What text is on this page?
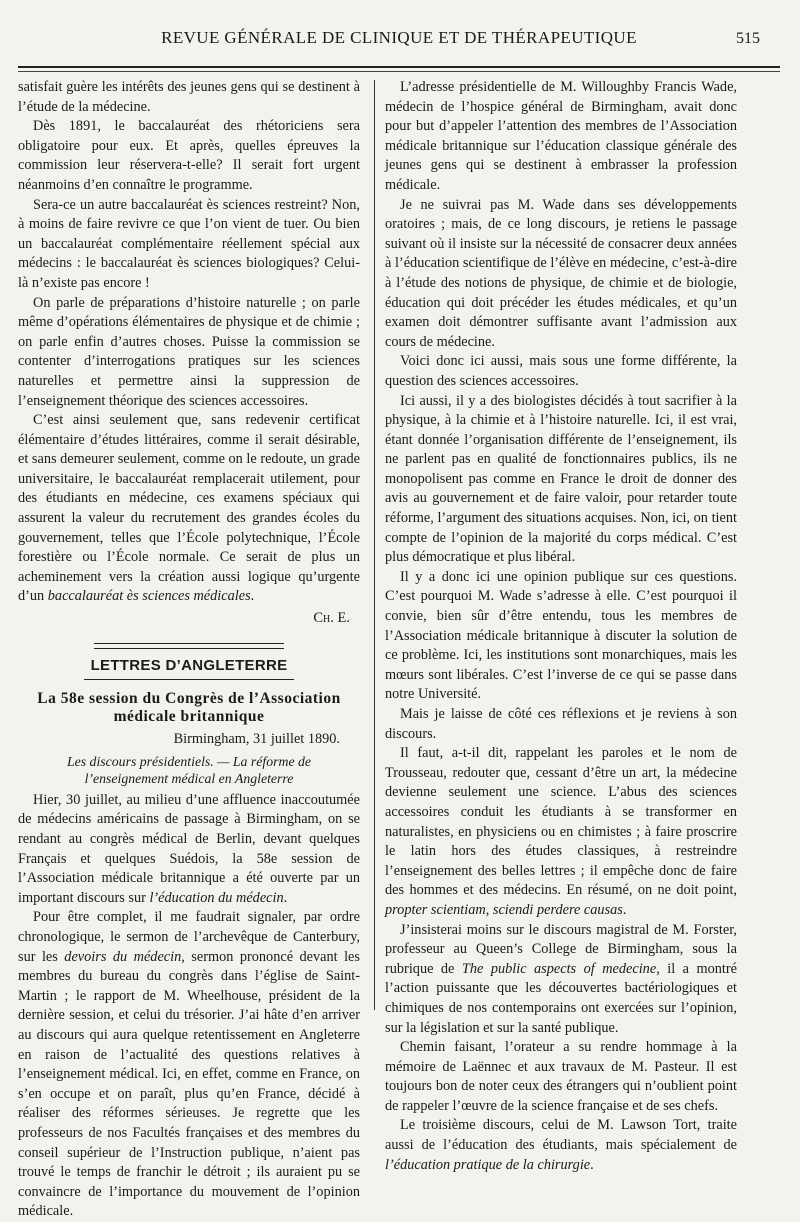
REVUE GÉNÉRALE DE CLINIQUE ET DE THÉRAPEUTIQUE	515

satisfait guère les intérêts des jeunes gens qui se destinent à l’étude de la médecine.

Dès 1891, le baccalauréat des rhétoriciens sera obligatoire pour eux. Et après, quelles épreuves la commission leur réservera-t-elle? Il serait fort urgent néanmoins d’en connaître le programme.

Sera-ce un autre baccalauréat ès sciences restreint? Non, à moins de faire revivre ce que l’on vient de tuer. Ou bien un baccalauréat complémentaire réellement spécial aux médecins : le baccalauréat ès sciences biologiques? Celui-là n’existe pas encore !

On parle de préparations d’histoire naturelle ; on parle même d’opérations élémentaires de physique et de chimie ; on parle enfin d’autres choses. Puisse la commission se contenter d’interrogations pratiques sur les sciences naturelles et permettre ainsi la suppression de l’enseignement théorique des sciences accessoires.

C’est ainsi seulement que, sans redevenir certificat élémentaire d’études littéraires, comme il serait désirable, et sans demeurer seulement, comme on le redoute, un grade universitaire, le baccalauréat remplacerait utilement, pour des étudiants en médecine, ces examens spéciaux qui assurent la valeur du recrutement des grandes écoles du gouvernement, telles que l’École polytechnique, l’École forestière ou l’École normale. Ce serait de plus un acheminement vers la création aussi logique qu’urgente d’un baccalauréat ès sciences médicales.

Ch. E.
LETTRES D’ANGLETERRE
La 58e session du Congrès de l’Association
médicale britannique
Birmingham, 31 juillet 1890.
Les discours présidentiels. — La réforme de l’enseignement médical en Angleterre

Hier, 30 juillet, au milieu d’une affluence inaccoutumée de médecins américains de passage à Birmingham, on se rendant au congrès médical de Berlin, devant quelques Français et quelques Suédois, la 58e session de l’Association médicale britannique a été ouverte par un important discours sur l’éducation du médecin.

Pour être complet, il me faudrait signaler, par ordre chronologique, le sermon de l’archevêque de Canterbury, sur les devoirs du médecin, sermon prononcé devant les membres du bureau du congrès dans l’église de Saint-Martin ; le rapport de M. Wheelhouse, président de la dernière session, et celui du trésorier. J’ai hâte d’en arriver au discours qui aura quelque retentissement en Angleterre en raison de l’actualité des questions relatives à l’enseignement médical. Ici, en effet, comme en France, on s’en occupe et on paraît, plus qu’en France, décidé à réaliser des réformes sérieuses. Je regrette que les professeurs de nos Facultés françaises et des membres du conseil supérieur de l’Instruction publique, n’aient pas trouvé le temps de franchir le détroit ; ils auraient pu se convaincre de l’importance du mouvement de l’opinion médicale.

L’adresse présidentielle de M. Willoughby Francis Wade, médecin de l’hospice général de Birmingham, avait donc pour but d’appeler l’attention des membres de l’Association médicale britannique sur l’éducation classique générale des jeunes gens qui se destinent à embrasser la profession médicale.

Je ne suivrai pas M. Wade dans ses développements oratoires ; mais, de ce long discours, je retiens le passage suivant où il insiste sur la nécessité de consacrer deux années à l’éducation scientifique de l’élève en médecine, c’est-à-dire à l’étude des notions de physique, de chimie et de biologie, éducation qui doit précéder les études médicales, et qu’un examen doit démontrer suffisante avant l’admission aux cours de médecine.

Voici donc ici aussi, mais sous une forme différente, la question des sciences accessoires.

Ici aussi, il y a des biologistes décidés à tout sacrifier à la physique, à la chimie et à l’histoire naturelle. Ici, il est vrai, étant donnée l’organisation différente de l’enseignement, ils ne parlent pas en qualité de fonctionnaires publics, ils ne monopolisent pas comme en France le droit de donner des avis au gouvernement et de faire valoir, pour retarder toute réforme, l’argument des situations acquises. Non, ici, on tient compte de l’opinion de la majorité du corps médical. C’est plus démocratique et plus libéral.

Il y a donc ici une opinion publique sur ces questions. C’est pourquoi M. Wade s’adresse à elle. C’est pourquoi il convie, bien sûr d’être entendu, tous les membres de l’Association médicale britannique à discuter la solution de ce problème. Ici, les institutions sont monarchiques, mais les mœurs sont libérales. C’est l’inverse de ce qui se passe dans notre Université.

Mais je laisse de côté ces réflexions et je reviens à son discours.

Il faut, a-t-il dit, rappelant les paroles et le nom de Trousseau, redouter que, cessant d’être un art, la médecine devienne seulement une science. L’abus des sciences accessoires conduit les étudiants à se transformer en naturalistes, en physiciens ou en chimistes ; à faire proscrire le latin hors des études classiques, à restreindre l’enseignement des belles lettres ; il empêche donc de faire des hommes et des médecins. En résumé, on ne doit point, propter scientiam, sciendi perdere causas.

J’insisterai moins sur le discours magistral de M. Forster, professeur au Queen’s College de Birmingham, sous la rubrique de The public aspects of medecine, il a montré l’action puissante que les découvertes bactériologiques et chimiques de nos contemporains ont exercées sur l’opinion, sur la législation et sur la santé publique.

Chemin faisant, l’orateur a su rendre hommage à la mémoire de Laënnec et aux travaux de M. Pasteur. Il est toujours bon de noter ceux des étrangers qui n’oublient point de rappeler l’œuvre de la science française et de ses chefs.

Le troisième discours, celui de M. Lawson Tort, traite aussi de l’éducation des étudiants, mais spécialement de l’éducation pratique de la chirurgie.
